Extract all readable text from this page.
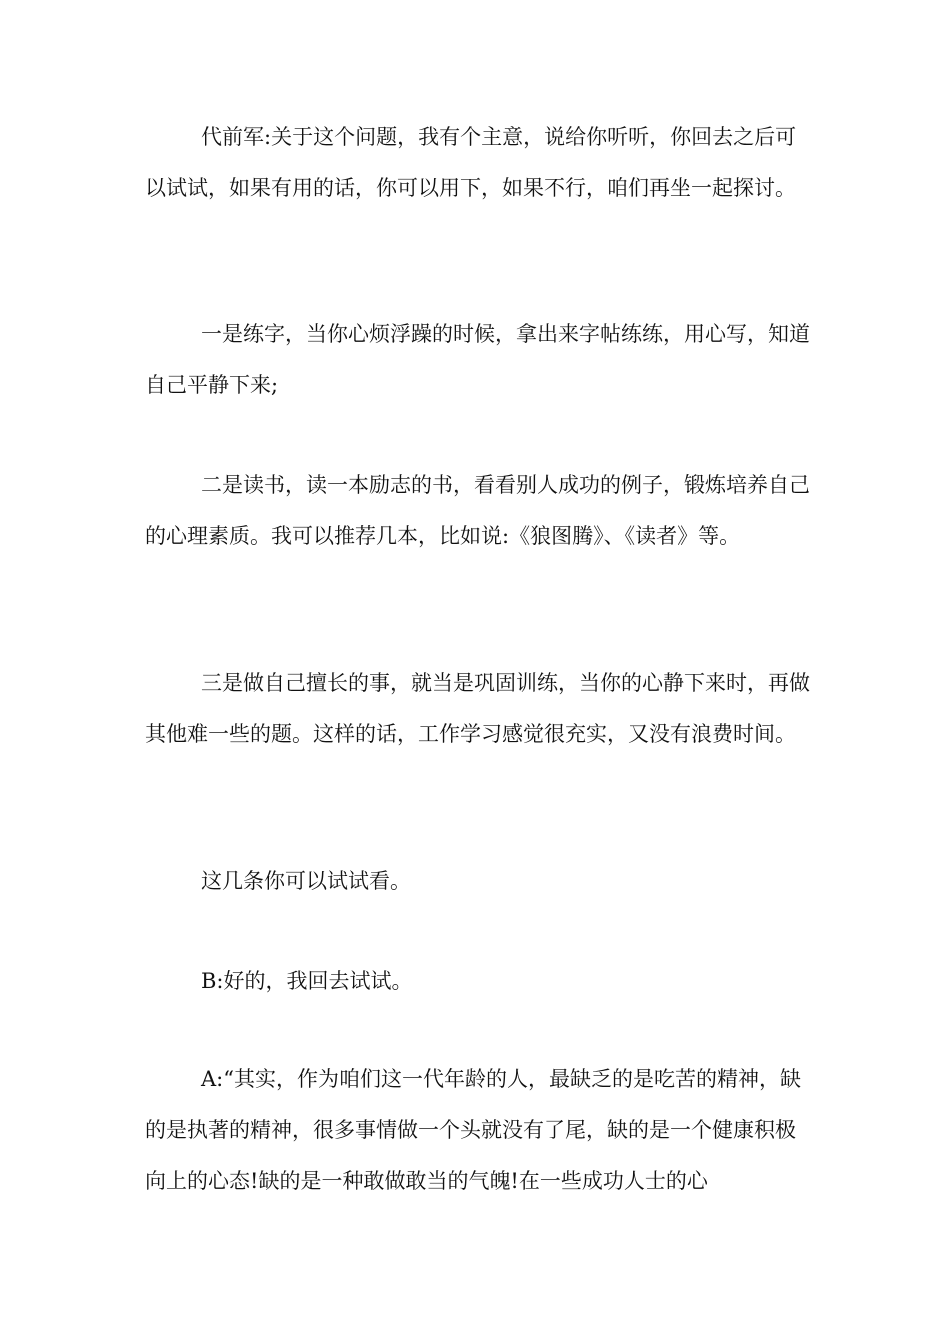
代前军:关于这个问题，我有个主意，说给你听听，你回去之后可以试试，如果有用的话，你可以用下，如果不行，咱们再坐一起探讨。

一是练字，当你心烦浮躁的时候，拿出来字帖练练，用心写，知道自己平静下来;

二是读书，读一本励志的书，看看别人成功的例子，锻炼培养自己的心理素质。我可以推荐几本，比如说:《狼图腾》、《读者》等。

三是做自己擅长的事，就当是巩固训练，当你的心静下来时，再做其他难一些的题。这样的话，工作学习感觉很充实，又没有浪费时间。

这几条你可以试试看。

B:好的，我回去试试。

A:“其实，作为咱们这一代年龄的人，最缺乏的是吃苦的精神，缺的是执著的精神，很多事情做一个头就没有了尾，缺的是一个健康积极向上的心态!缺的是一种敢做敢当的气魄!在一些成功人士的心
